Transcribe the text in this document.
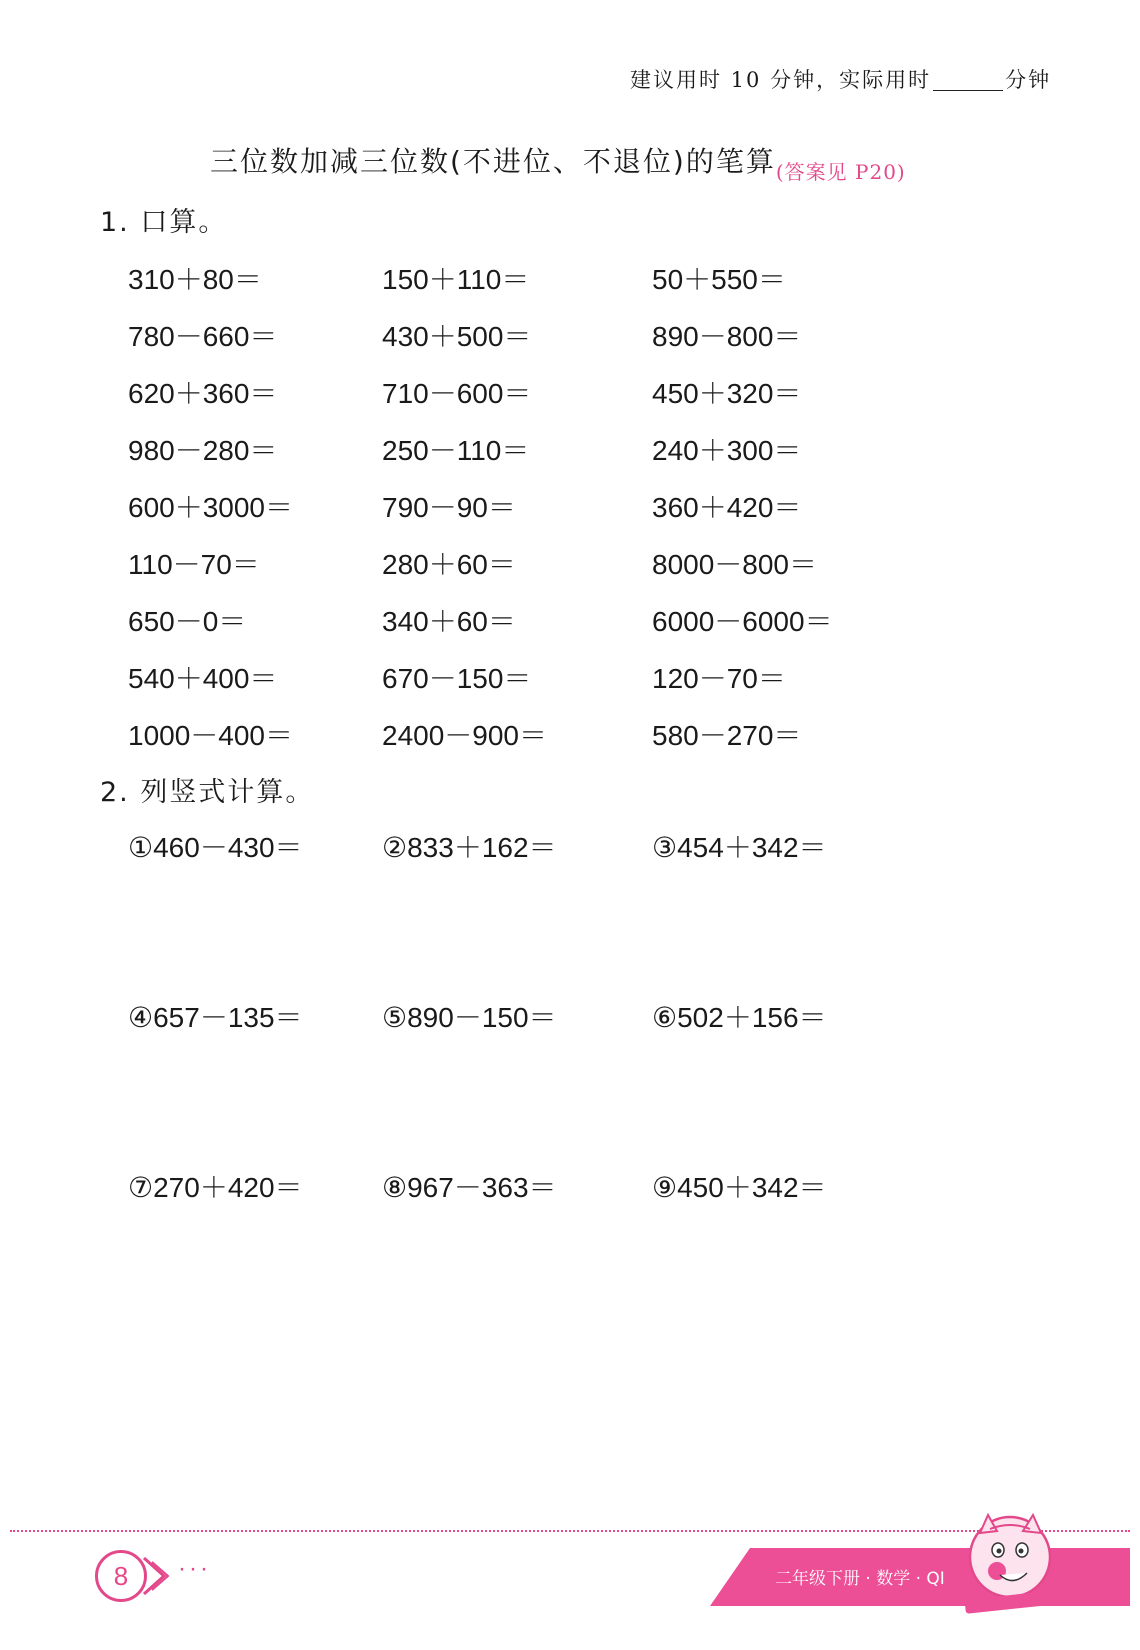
建议用时 10 分钟，实际用时	分钟
三位数加减三位数(不进位、不退位)的笔算$_{(答案见 P20)}$
1. 口算。
310＋80＝	150＋110＝	50＋550＝
780－660＝	430＋500＝	890－800＝
620＋360＝	710－600＝	450＋320＝
980－280＝	250－110＝	240＋300＝
600＋3000＝	790－90＝	360＋420＝
110－70＝	280＋60＝	8000－800＝
650－0＝	340＋60＝	6000－6000＝
540＋400＝	670－150＝	120－70＝
1000－400＝	2400－900＝	580－270＝
2. 列竖式计算。
①460－430＝	②833＋162＝	③454＋342＝
④657－135＝	⑤890－150＝	⑥502＋156＝
⑦270＋420＝	⑧967－363＝	⑨450＋342＝
8 ···	二年级下册 · 数学 · QI
